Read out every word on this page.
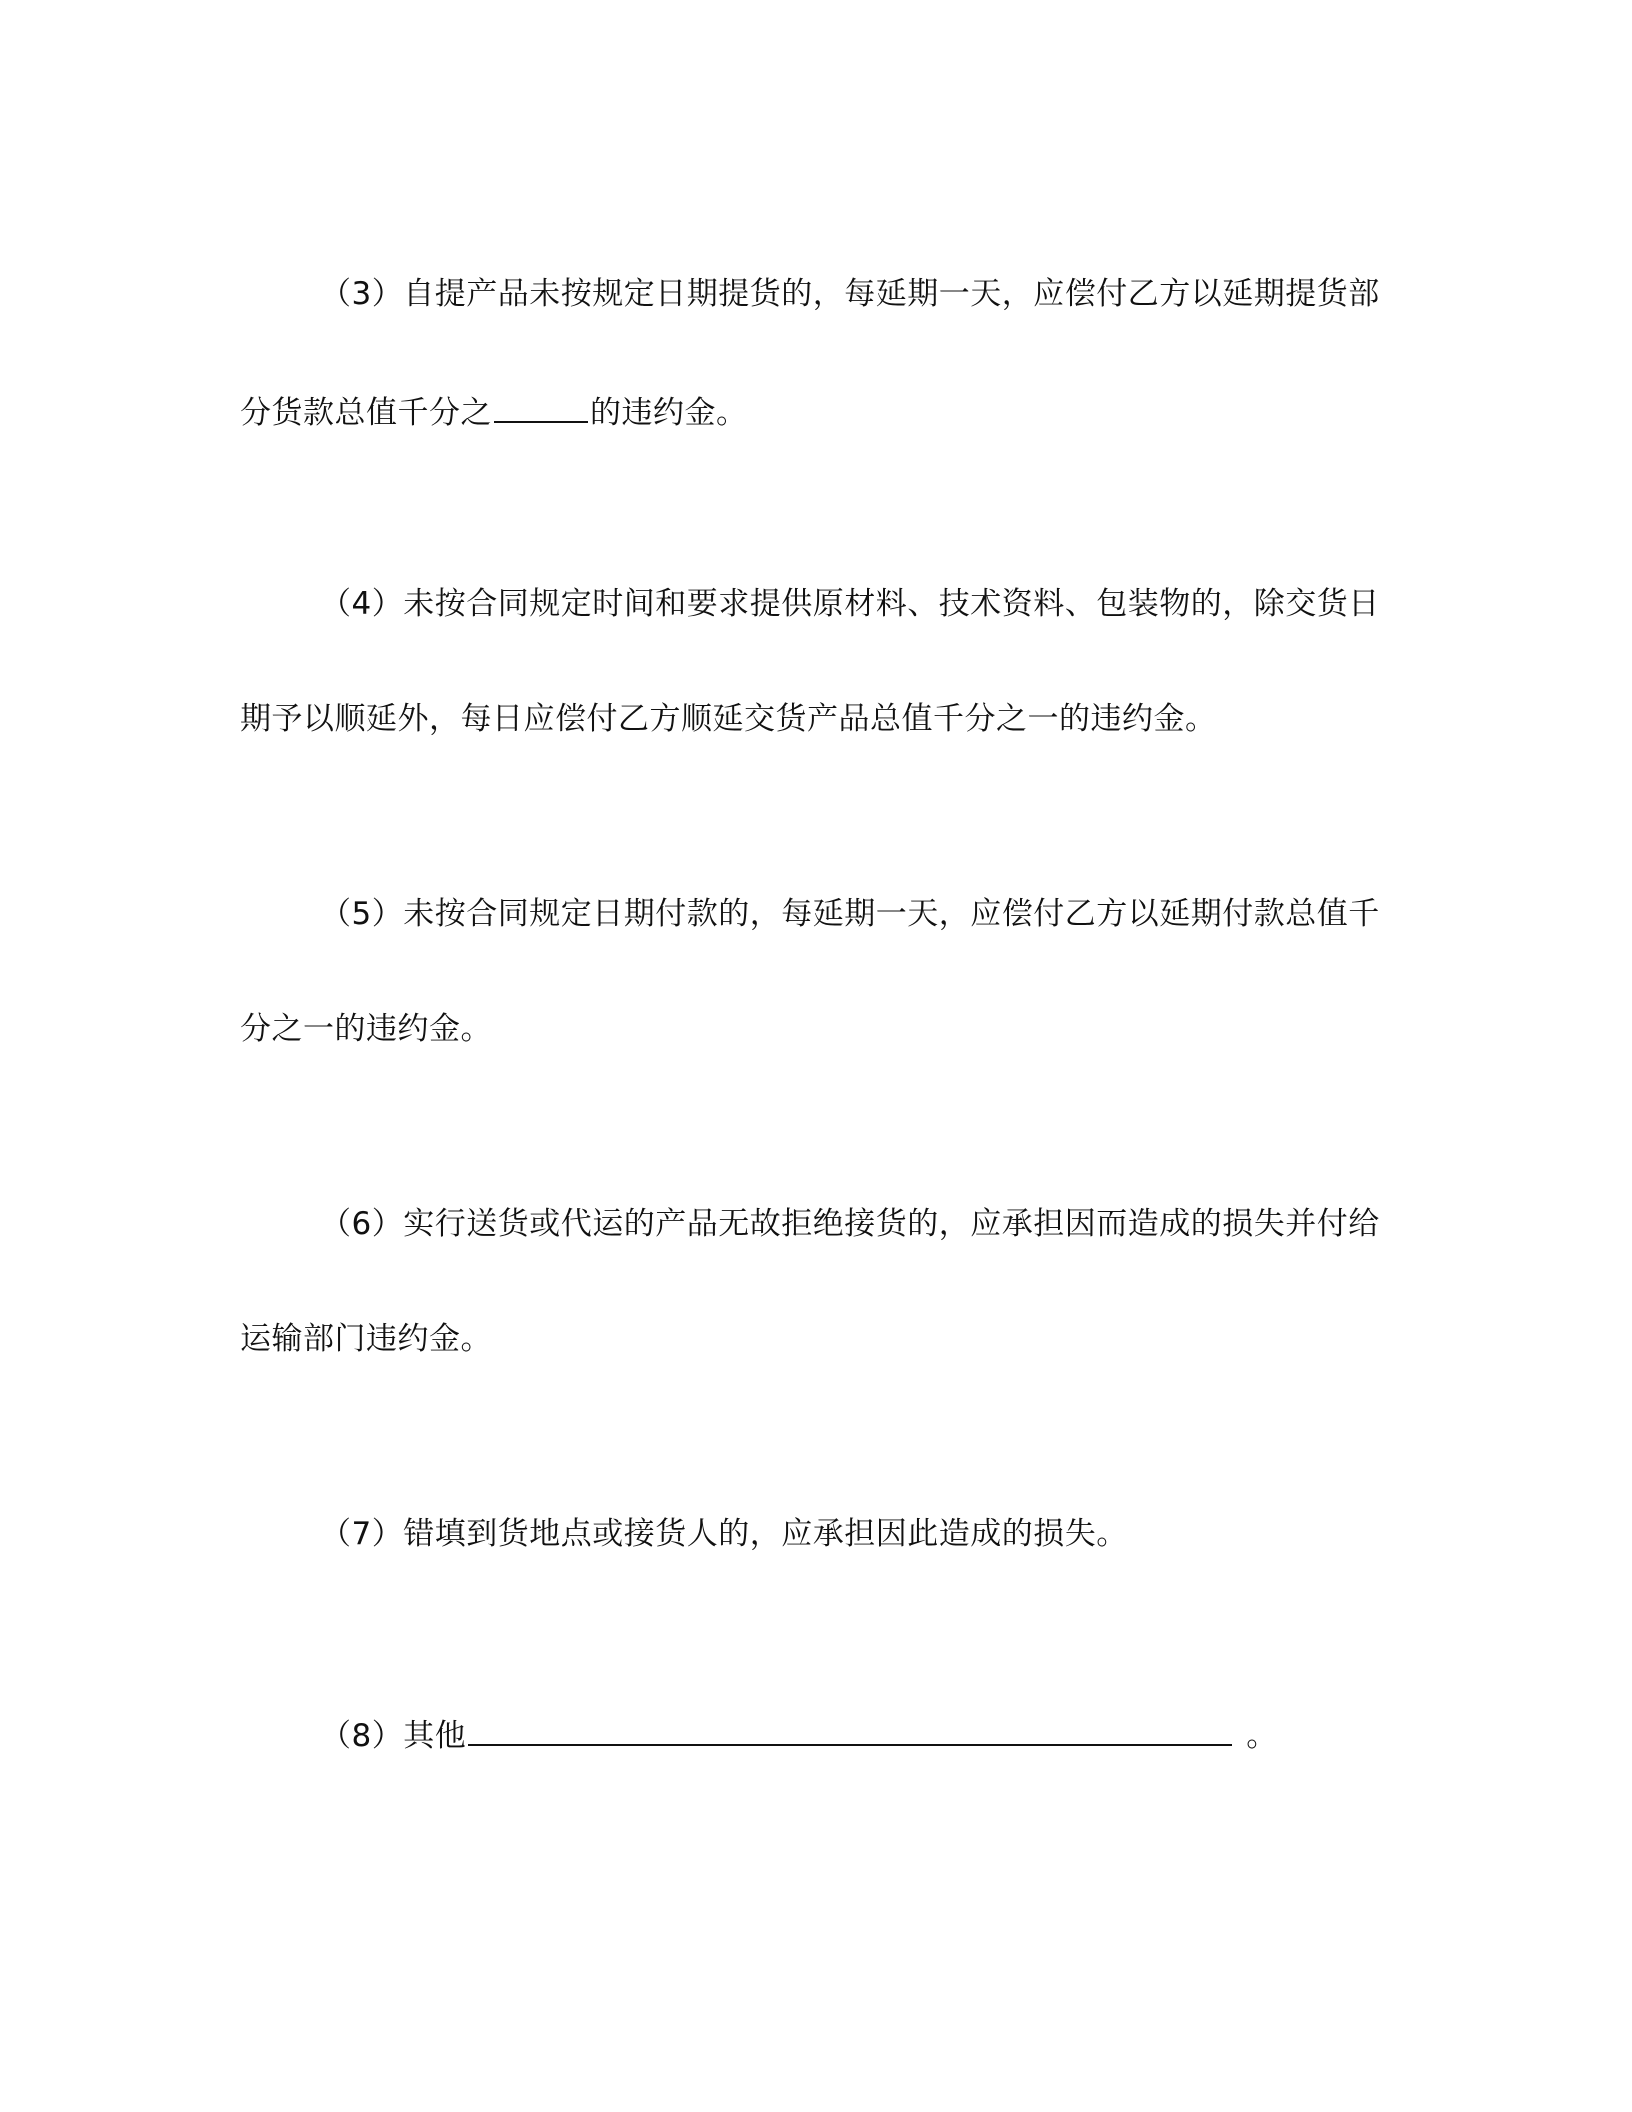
（3）自提产品未按规定日期提货的，每延期一天，应偿付乙方以延期提货部
分货款总值千分之	的违约金。
（4）未按合同规定时间和要求提供原材料、技术资料、包装物的，除交货日
期予以顺延外，每日应偿付乙方顺延交货产品总值千分之一的违约金。
（5）未按合同规定日期付款的，每延期一天，应偿付乙方以延期付款总值千
分之一的违约金。
（6）实行送货或代运的产品无故拒绝接货的，应承担因而造成的损失并付给
运输部门违约金。
（7）错填到货地点或接货人的，应承担因此造成的损失。
（8）其他	。
